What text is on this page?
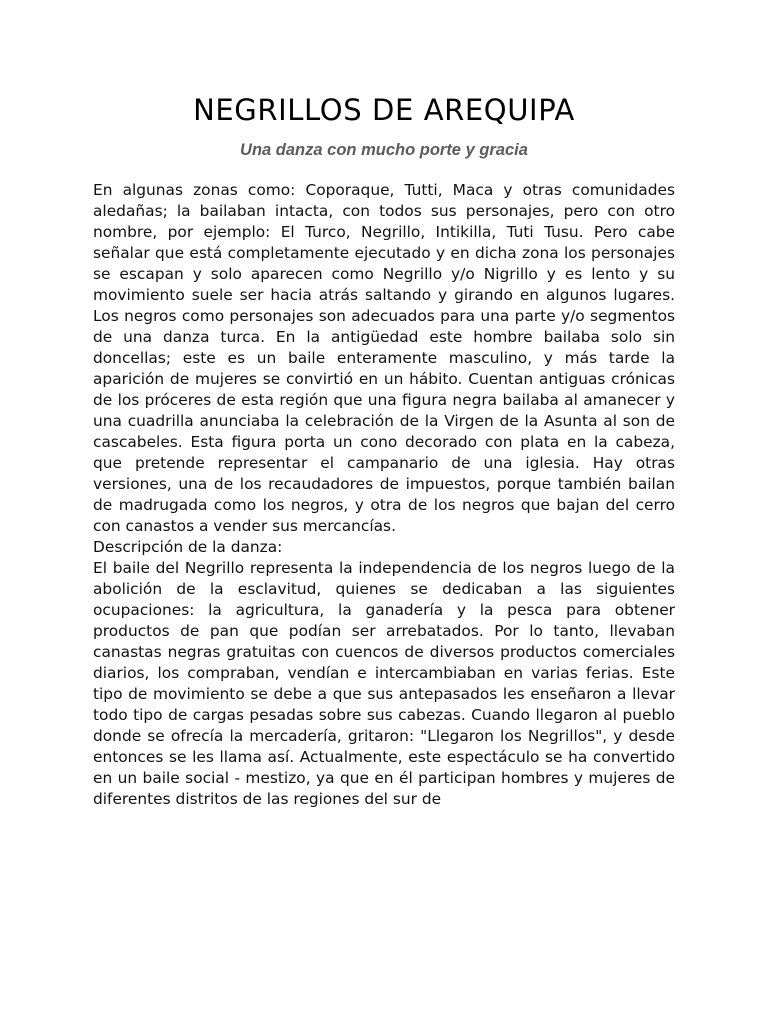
NEGRILLOS DE AREQUIPA
Una danza con mucho porte y gracia

En algunas zonas como: Coporaque, Tutti, Maca y otras comunidades aledañas; la bailaban intacta, con todos sus personajes, pero con otro nombre, por ejemplo: El Turco, Negrillo, Intikilla, Tuti Tusu. Pero cabe señalar que está completamente ejecutado y en dicha zona los personajes se escapan y solo aparecen como Negrillo y/o Nigrillo y es lento y su movimiento suele ser hacia atrás saltando y girando en algunos lugares. Los negros como personajes son adecuados para una parte y/o segmentos de una danza turca. En la antigüedad este hombre bailaba solo sin doncellas; este es un baile enteramente masculino, y más tarde la aparición de mujeres se convirtió en un hábito. Cuentan antiguas crónicas de los próceres de esta región que una figura negra bailaba al amanecer y una cuadrilla anunciaba la celebración de la Virgen de la Asunta al son de cascabeles. Esta figura porta un cono decorado con plata en la cabeza, que pretende representar el campanario de una iglesia. Hay otras versiones, una de los recaudadores de impuestos, porque también bailan de madrugada como los negros, y otra de los negros que bajan del cerro con canastos a vender sus mercancías.

Descripción de la danza:

El baile del Negrillo representa la independencia de los negros luego de la abolición de la esclavitud, quienes se dedicaban a las siguientes ocupaciones: la agricultura, la ganadería y la pesca para obtener productos de pan que podían ser arrebatados. Por lo tanto, llevaban canastas negras gratuitas con cuencos de diversos productos comerciales diarios, los compraban, vendían e intercambiaban en varias ferias. Este tipo de movimiento se debe a que sus antepasados les enseñaron a llevar todo tipo de cargas pesadas sobre sus cabezas. Cuando llegaron al pueblo donde se ofrecía la mercadería, gritaron: "Llegaron los Negrillos", y desde entonces se les llama así. Actualmente, este espectáculo se ha convertido en un baile social - mestizo, ya que en él participan hombres y mujeres de diferentes distritos de las regiones del sur de
